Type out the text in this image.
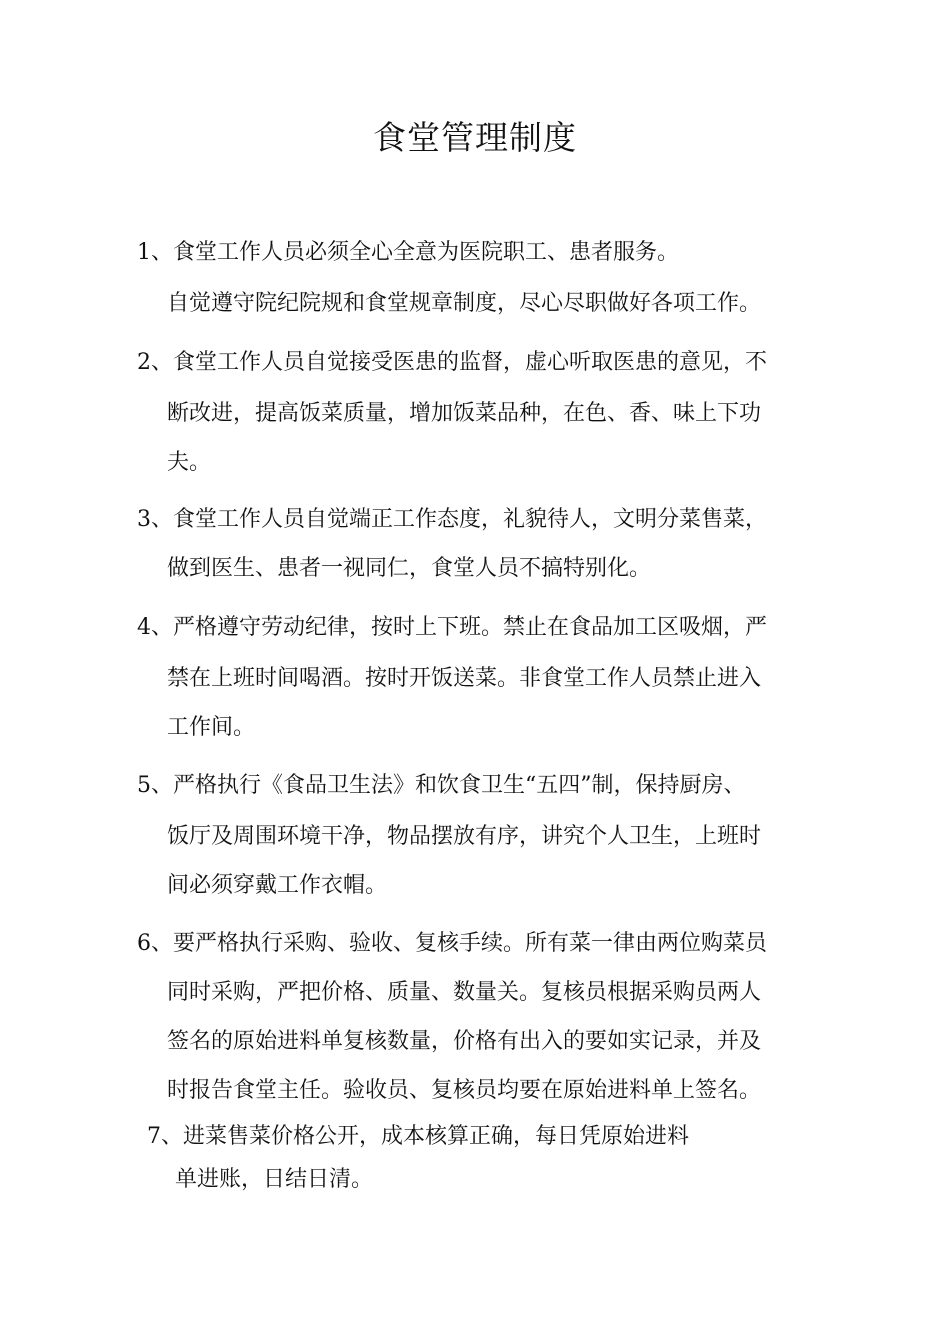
食堂管理制度
1、食堂工作人员必须全心全意为医院职工、患者服务。
自觉遵守院纪院规和食堂规章制度，尽心尽职做好各项工作。
2、食堂工作人员自觉接受医患的监督，虚心听取医患的意见，不
断改进，提高饭菜质量，增加饭菜品种，在色、香、味上下功
夫。
3、食堂工作人员自觉端正工作态度，礼貌待人，文明分菜售菜，
做到医生、患者一视同仁，食堂人员不搞特别化。
4、严格遵守劳动纪律，按时上下班。禁止在食品加工区吸烟，严
禁在上班时间喝酒。按时开饭送菜。非食堂工作人员禁止进入
工作间。
5、严格执行《食品卫生法》和饮食卫生“五四”制，保持厨房、
饭厅及周围环境干净，物品摆放有序，讲究个人卫生，上班时
间必须穿戴工作衣帽。
6、要严格执行采购、验收、复核手续。所有菜一律由两位购菜员
同时采购，严把价格、质量、数量关。复核员根据采购员两人
签名的原始进料单复核数量，价格有出入的要如实记录，并及
时报告食堂主任。验收员、复核员均要在原始进料单上签名。
7、进菜售菜价格公开，成本核算正确，每日凭原始进料
单进账，日结日清。
